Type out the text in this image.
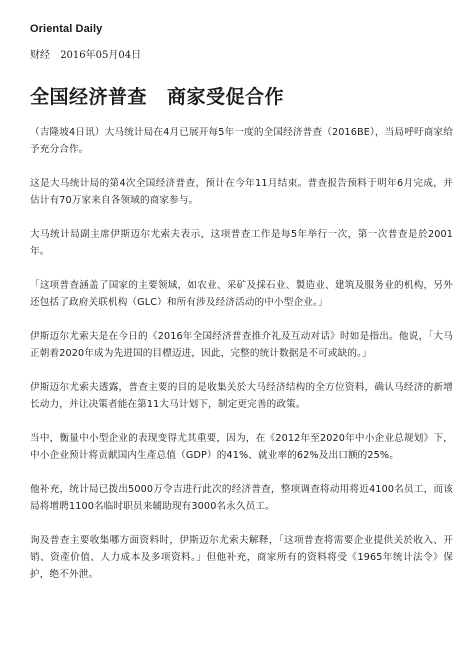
Oriental Daily
财经 2016年05月04日
全国经济普查 商家受促合作

（吉隆坡4日讯）大马统计局在4月已展开每5年一度的全国经济普查（2016BE），当局呼吁商家给予充分合作。

这是大马统计局的第4次全国经济普查，预计在今年11月结束。普查报告预料于明年6月完成，并估计有70万家来自各领域的商家参与。

大马统计局副主席伊斯迈尔尤索夫表示，这项普查工作是每5年举行一次，第一次普查是於2001年。

「这项普查涵盖了国家的主要领域，如农业、采矿及採石业、製造业、建筑及服务业的机构，另外还包括了政府关联机构（GLC）和所有涉及经济活动的中小型企业。」

伊斯迈尔尤索夫是在今日的《2016年全国经济普查推介礼及互动对话》时如是指出。他说，「大马正朝着2020年成为先进国的目標迈进，因此，完整的统计数据是不可或缺的。」

伊斯迈尔尤索夫透露，普查主要的目的是收集关於大马经济结构的全方位资料，确认马经济的新增长动力，并让决策者能在第11大马计划下，制定更完善的政策。

当中，衡量中小型企业的表现变得尤其重要，因为，在《2012年至2020年中小企业总规划》下，中小企业预计将贡献国内生產总值（GDP）的41%、就业率的62%及出口额的25%。

他补充，统计局已拨出5000万令吉进行此次的经济普查，整项调查将动用将近4100名员工，而该局将增聘1100名临时职员来辅助现有3000名永久员工。

询及普查主要收集哪方面资料时，伊斯迈尔尤索夫解释，「这项普查将需要企业提供关於收入、开销、资產价值、人力成本及多项资料。」但他补充，商家所有的资料将受《1965年统计法令》保护，绝不外泄。
